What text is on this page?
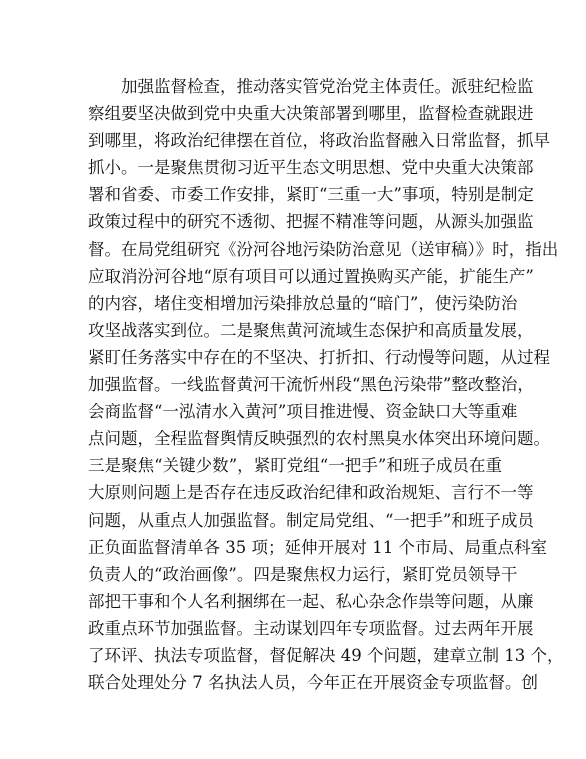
加强监督检查，推动落实管党治党主体责任。派驻纪检监
察组要坚决做到党中央重大决策部署到哪里，监督检查就跟进
到哪里，将政治纪律摆在首位，将政治监督融入日常监督，抓早
抓小。一是聚焦贯彻习近平生态文明思想、党中央重大决策部
署和省委、市委工作安排，紧盯“三重一大”事项，特别是制定
政策过程中的研究不透彻、把握不精准等问题，从源头加强监
督。在局党组研究《汾河谷地污染防治意见（送审稿）》时，指出
应取消汾河谷地“原有项目可以通过置换购买产能，扩能生产”
的内容，堵住变相增加污染排放总量的“暗门”，使污染防治
攻坚战落实到位。二是聚焦黄河流域生态保护和高质量发展，
紧盯任务落实中存在的不坚决、打折扣、行动慢等问题，从过程
加强监督。一线监督黄河干流忻州段“黑色污染带”整改整治，
会商监督“一泓清水入黄河”项目推进慢、资金缺口大等重难
点问题，全程监督舆情反映强烈的农村黑臭水体突出环境问题。
三是聚焦“关键少数”，紧盯党组“一把手”和班子成员在重
大原则问题上是否存在违反政治纪律和政治规矩、言行不一等
问题，从重点人加强监督。制定局党组、“一把手”和班子成员
正负面监督清单各 35 项；延伸开展对 11 个市局、局重点科室
负责人的“政治画像”。四是聚焦权力运行，紧盯党员领导干
部把干事和个人名利捆绑在一起、私心杂念作祟等问题，从廉
政重点环节加强监督。主动谋划四年专项监督。过去两年开展
了环评、执法专项监督，督促解决 49 个问题，建章立制 13 个，
联合处理处分 7 名执法人员，今年正在开展资金专项监督。创
